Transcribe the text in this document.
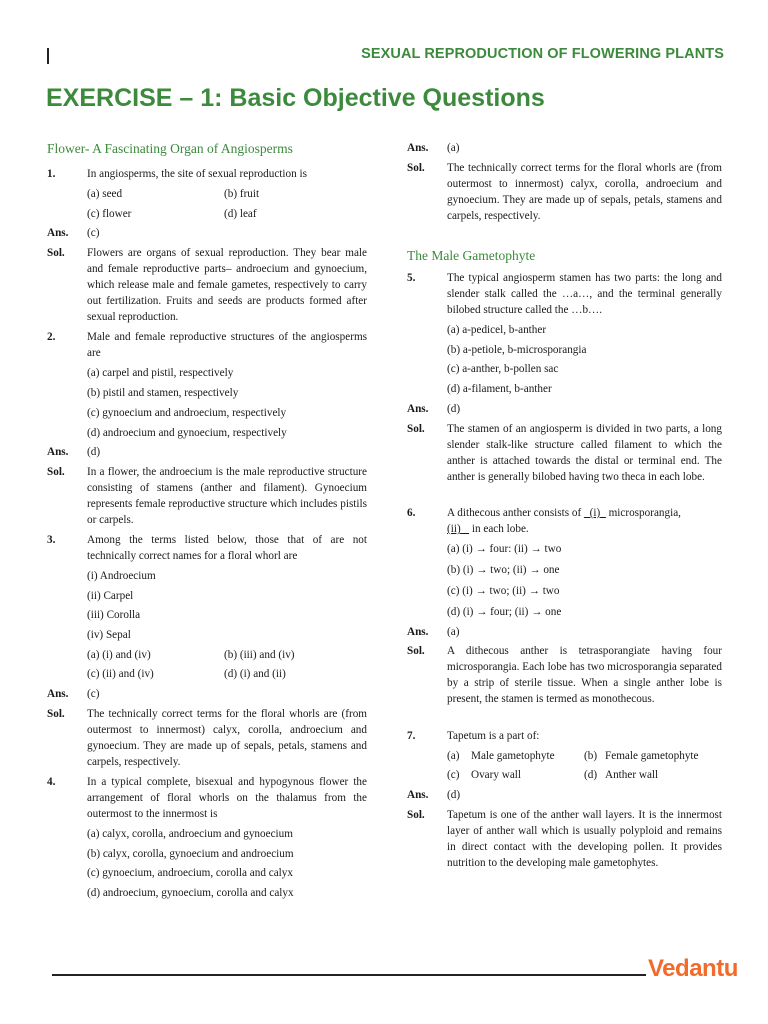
SEXUAL REPRODUCTION OF FLOWERING PLANTS
EXERCISE – 1: Basic Objective Questions
Flower- A Fascinating Organ of Angiosperms
1.	In angiosperms, the site of sexual reproduction is
(a) seed	(b) fruit
(c) flower	(d) leaf
Ans. (c)
Sol. Flowers are organs of sexual reproduction. They bear male and female reproductive parts– androecium and gynoecium, which release male and female gametes, respectively to carry out fertilization. Fruits and seeds are products formed after sexual reproduction.
2.	Male and female reproductive structures of the angiosperms are
(a) carpel and pistil, respectively
(b) pistil and stamen, respectively
(c) gynoecium and androecium, respectively
(d) androecium and gynoecium, respectively
Ans. (d)
Sol. In a flower, the androecium is the male reproductive structure consisting of stamens (anther and filament). Gynoecium represents female reproductive structure which includes pistils or carpels.
3.	Among the terms listed below, those that of are not technically correct names for a floral whorl are
(i) Androecium
(ii) Carpel
(iii) Corolla
(iv) Sepal
(a) (i) and (iv)	(b) (iii) and (iv)
(c) (ii) and (iv)	(d) (i) and (ii)
Ans. (c)
Sol. The technically correct terms for the floral whorls are (from outermost to innermost) calyx, corolla, androecium and gynoecium. They are made up of sepals, petals, stamens and carpels, respectively.
4.	In a typical complete, bisexual and hypogynous flower the arrangement of floral whorls on the thalamus from the outermost to the innermost is
(a) calyx, corolla, androecium and gynoecium
(b) calyx, corolla, gynoecium and androecium
(c) gynoecium, androecium, corolla and calyx
(d) androecium, gynoecium, corolla and calyx
Ans. (a)
Sol. The technically correct terms for the floral whorls are (from outermost to innermost) calyx, corolla, androecium and gynoecium. They are made up of sepals, petals, stamens and carpels, respectively.
The Male Gametophyte
5.	The typical angiosperm stamen has two parts: the long and slender stalk called the …a…, and the terminal generally bilobed structure called the …b….
(a) a-pedicel, b-anther
(b) a-petiole, b-microsporangia
(c) a-anther, b-pollen sac
(d) a-filament, b-anther
Ans. (d)
Sol. The stamen of an angiosperm is divided in two parts, a long slender stalk-like structure called filament to which the anther is attached towards the distal or terminal end. The anther is generally bilobed having two theca in each lobe.
6.	A dithecous anther consists of _(i)_ microsporangia,
(ii) in each lobe.
(a) (i) → four: (ii) → two
(b) (i) → two; (ii) → one
(c) (i) → two; (ii) → two
(d) (i) → four; (ii) → one
Ans. (a)
Sol. A dithecous anther is tetrasporangiate having four microsporangia. Each lobe has two microsporangia separated by a strip of sterile tissue. When a single anther lobe is present, the stamen is termed as monothecous.
7.	Tapetum is a part of:
(a) Male gametophyte	(b) Female gametophyte
(c) Ovary wall	(d) Anther wall
Ans. (d)
Sol. Tapetum is one of the anther wall layers. It is the innermost layer of anther wall which is usually polyploid and remains in direct contact with the developing pollen. It provides nutrition to the developing male gametophytes.
Vedantu
